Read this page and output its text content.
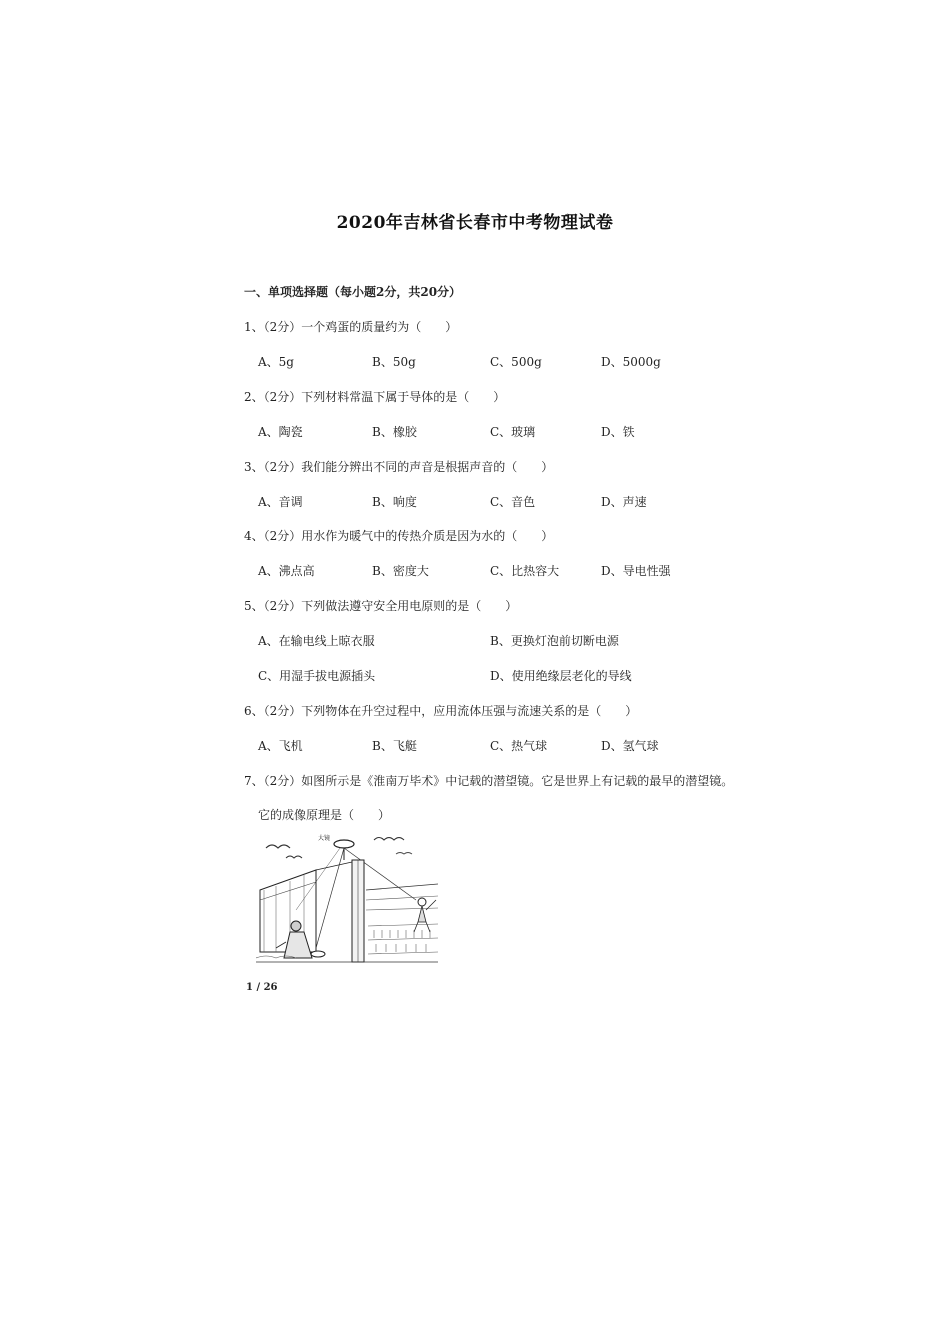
2020年吉林省长春市中考物理试卷
一、单项选择题（每小题2分，共20分）
1、（2分）一个鸡蛋的质量约为（　　）
A、5g	B、50g	C、500g	D、5000g
2、（2分）下列材料常温下属于导体的是（　　）
A、陶瓷	B、橡胶	C、玻璃	D、铁
3、（2分）我们能分辨出不同的声音是根据声音的（　　）
A、音调	B、响度	C、音色	D、声速
4、（2分）用水作为暖气中的传热介质是因为水的（　　）
A、沸点高	B、密度大	C、比热容大	D、导电性强
5、（2分）下列做法遵守安全用电原则的是（　　）
A、在输电线上晾衣服	B、更换灯泡前切断电源
C、用湿手拔电源插头	D、使用绝缘层老化的导线
6、（2分）下列物体在升空过程中，应用流体压强与流速关系的是（　　）
A、飞机	B、飞艇	C、热气球	D、氢气球
7、（2分）如图所示是《淮南万毕术》中记载的潜望镜。它是世界上有记载的最早的潜望镜。
它的成像原理是（　　）
大镜
1 / 26
